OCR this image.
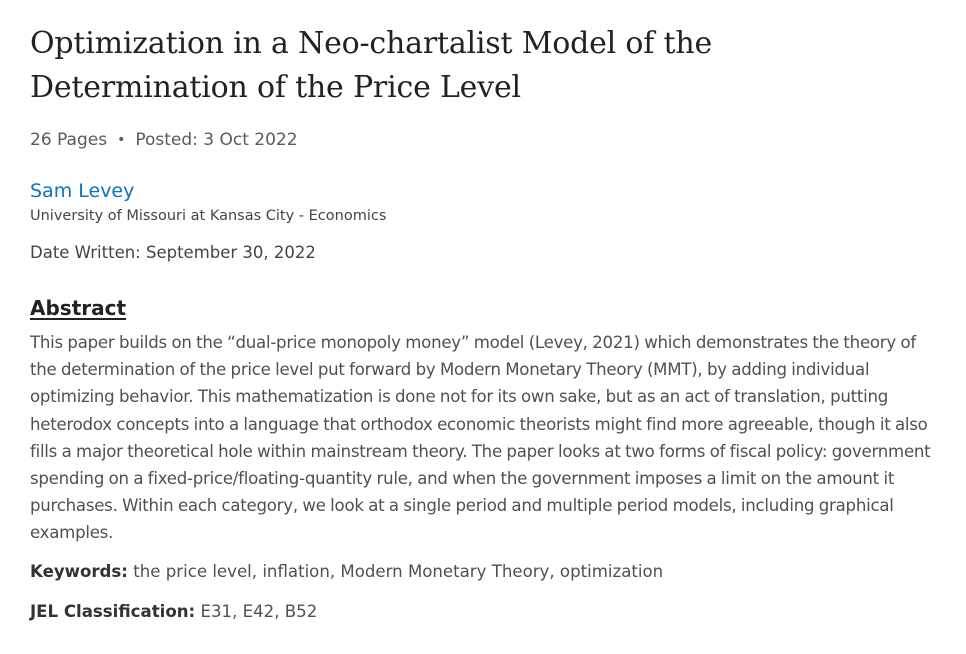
Optimization in a Neo-chartalist Model of the Determination of the Price Level
26 Pages • Posted: 3 Oct 2022
Sam Levey
University of Missouri at Kansas City - Economics
Date Written: September 30, 2022
Abstract
This paper builds on the “dual-price monopoly money” model (Levey, 2021) which demonstrates the theory of the determination of the price level put forward by Modern Monetary Theory (MMT), by adding individual optimizing behavior. This mathematization is done not for its own sake, but as an act of translation, putting heterodox concepts into a language that orthodox economic theorists might find more agreeable, though it also fills a major theoretical hole within mainstream theory. The paper looks at two forms of fiscal policy: government spending on a fixed-price/floating-quantity rule, and when the government imposes a limit on the amount it purchases. Within each category, we look at a single period and multiple period models, including graphical examples.
Keywords: the price level, inflation, Modern Monetary Theory, optimization
JEL Classification: E31, E42, B52
